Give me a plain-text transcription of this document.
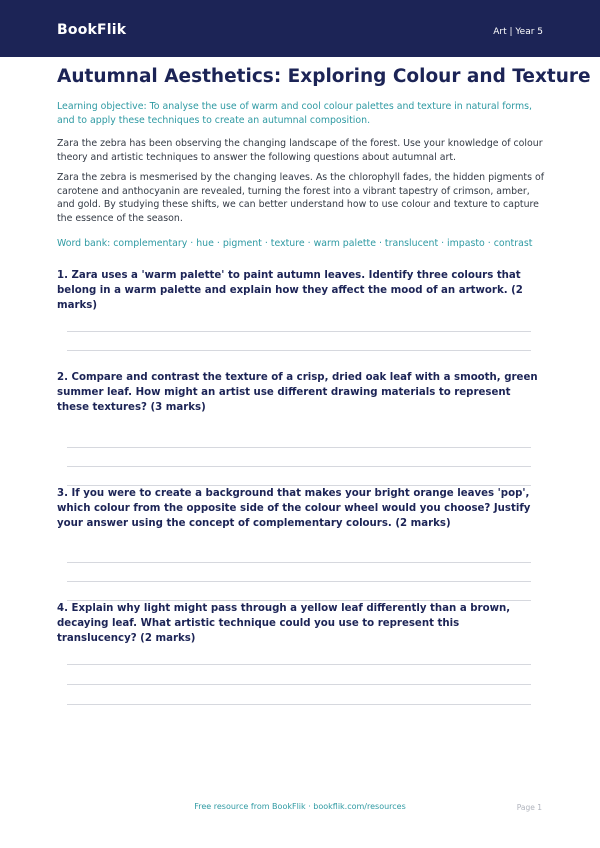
BookFlik	Art | Year 5
Autumnal Aesthetics: Exploring Colour and Texture

Learning objective: To analyse the use of warm and cool colour palettes and texture in natural forms, and to apply these techniques to create an autumnal composition.

Zara the zebra has been observing the changing landscape of the forest. Use your knowledge of colour theory and artistic techniques to answer the following questions about autumnal art.

Zara the zebra is mesmerised by the changing leaves. As the chlorophyll fades, the hidden pigments of carotene and anthocyanin are revealed, turning the forest into a vibrant tapestry of crimson, amber, and gold. By studying these shifts, we can better understand how to use colour and texture to capture the essence of the season.

Word bank: complementary · hue · pigment · texture · warm palette · translucent · impasto · contrast

1. Zara uses a 'warm palette' to paint autumn leaves. Identify three colours that belong in a warm palette and explain how they affect the mood of an artwork. (2 marks)

2. Compare and contrast the texture of a crisp, dried oak leaf with a smooth, green summer leaf. How might an artist use different drawing materials to represent these textures? (3 marks)

3. If you were to create a background that makes your bright orange leaves 'pop', which colour from the opposite side of the colour wheel would you choose? Justify your answer using the concept of complementary colours. (2 marks)

4. Explain why light might pass through a yellow leaf differently than a brown, decaying leaf. What artistic technique could you use to represent this translucency? (2 marks)

Free resource from BookFlik · bookflik.com/resources	Page 1
